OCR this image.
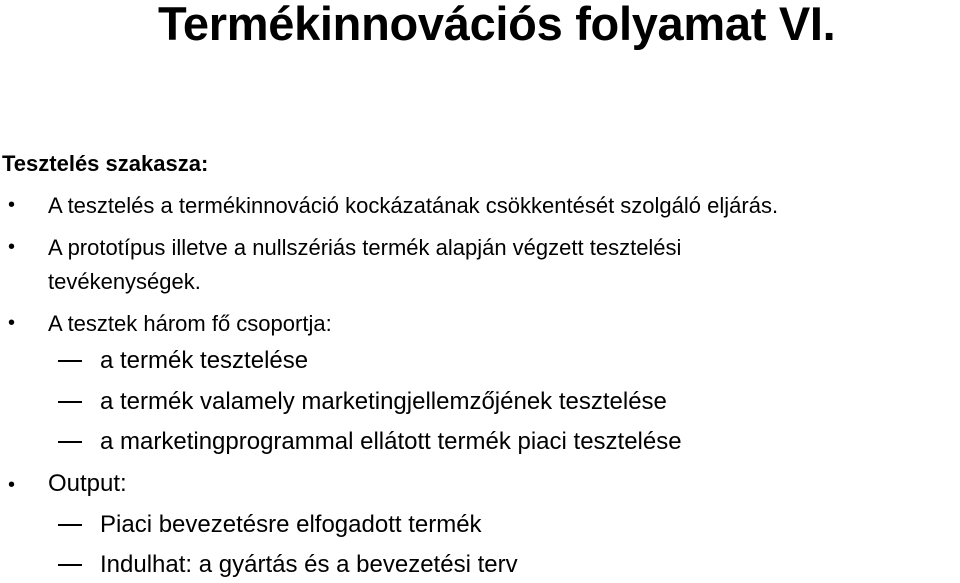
Termékinnovációs folyamat VI.
Tesztelés szakasza:
• A tesztelés a termékinnováció kockázatának csökkentését szolgáló eljárás.
• A prototípus illetve a nullszériás termék alapján végzett tesztelési
tevékenységek.
• A tesztek három fő csoportja:
a termék tesztelése
a termék valamely marketingjellemzőjének tesztelése
a marketingprogrammal ellátott termék piaci tesztelése
• Output:
Piaci bevezetésre elfogadott termék
Indulhat: a gyártás és a bevezetési terv
